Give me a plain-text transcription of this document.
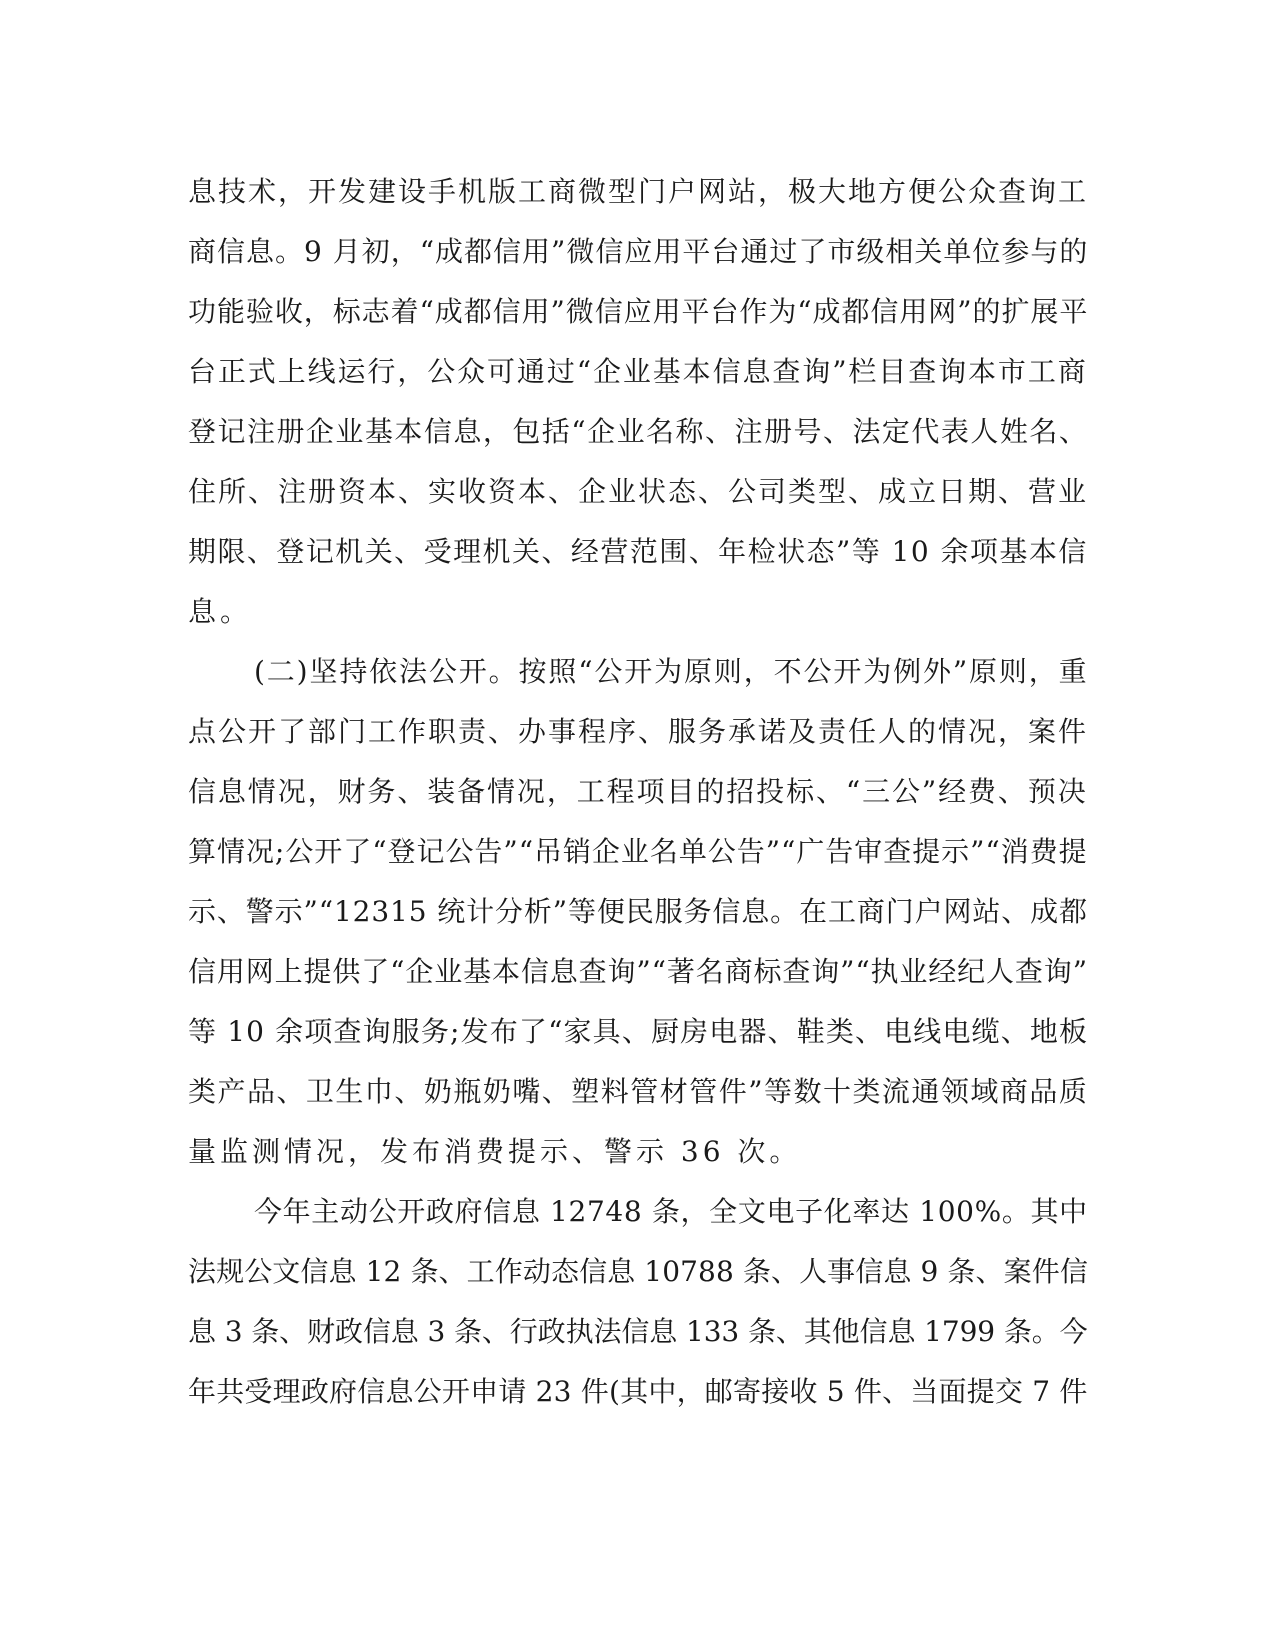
息技术，开发建设手机版工商微型门户网站，极大地方便公众查询工
商信息。9 月初，“成都信用”微信应用平台通过了市级相关单位参与的
功能验收，标志着“成都信用”微信应用平台作为“成都信用网”的扩展平
台正式上线运行，公众可通过“企业基本信息查询”栏目查询本市工商
登记注册企业基本信息，包括“企业名称、注册号、法定代表人姓名、
住所、注册资本、实收资本、企业状态、公司类型、成立日期、营业
期限、登记机关、受理机关、经营范围、年检状态”等 10 余项基本信
息。
(二)坚持依法公开。按照“公开为原则，不公开为例外”原则，重
点公开了部门工作职责、办事程序、服务承诺及责任人的情况，案件
信息情况，财务、装备情况，工程项目的招投标、“三公”经费、预决
算情况;公开了“登记公告”“吊销企业名单公告”“广告审查提示”“消费提
示、警示”“12315 统计分析”等便民服务信息。在工商门户网站、成都
信用网上提供了“企业基本信息查询”“著名商标查询”“执业经纪人查询”
等 10 余项查询服务;发布了“家具、厨房电器、鞋类、电线电缆、地板
类产品、卫生巾、奶瓶奶嘴、塑料管材管件”等数十类流通领域商品质
量监测情况，发布消费提示、警示 36 次。
今年主动公开政府信息 12748 条，全文电子化率达 100%。其中
法规公文信息 12 条、工作动态信息 10788 条、人事信息 9 条、案件信
息 3 条、财政信息 3 条、行政执法信息 133 条、其他信息 1799 条。今
年共受理政府信息公开申请 23 件(其中，邮寄接收 5 件、当面提交 7 件
